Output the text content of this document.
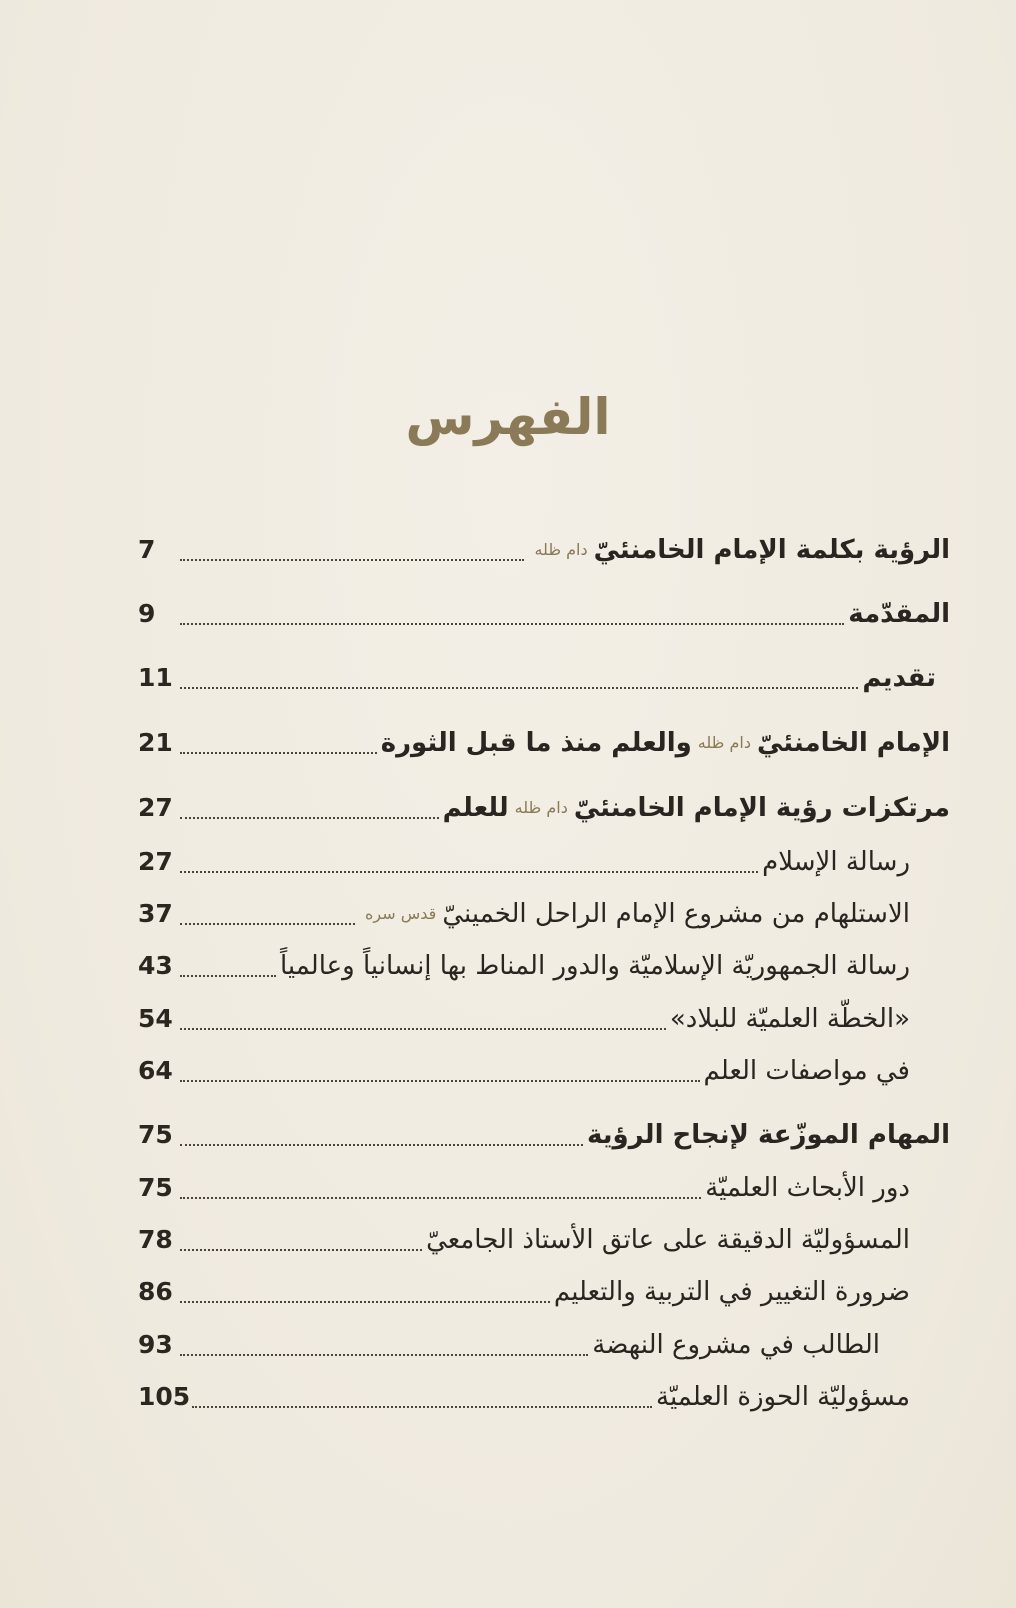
الفهرس
الرؤية بكلمة الإمام الخامنئيّ
دام ظله
7
المقدّمة
9
تقديم
11
الإمام الخامنئيّ
دام ظله
والعلم منذ ما قبل الثورة
21
مرتكزات رؤية الإمام الخامنئيّ
دام ظله
للعلم
27
رسالة الإسلام
27
الاستلهام من مشروع الإمام الراحل الخمينيّ
قدس سره
37
رسالة الجمهوريّة الإسلاميّة والدور المناط بها إنسانياً وعالمياً
43
«الخطّة العلميّة للبلاد»
54
في مواصفات العلم
64
المهام الموزّعة لإنجاح الرؤية
75
دور الأبحاث العلميّة
75
المسؤوليّة الدقيقة على عاتق الأستاذ الجامعيّ
78
ضرورة التغيير في التربية والتعليم
86
الطالب في مشروع النهضة
93
مسؤوليّة الحوزة العلميّة
105
